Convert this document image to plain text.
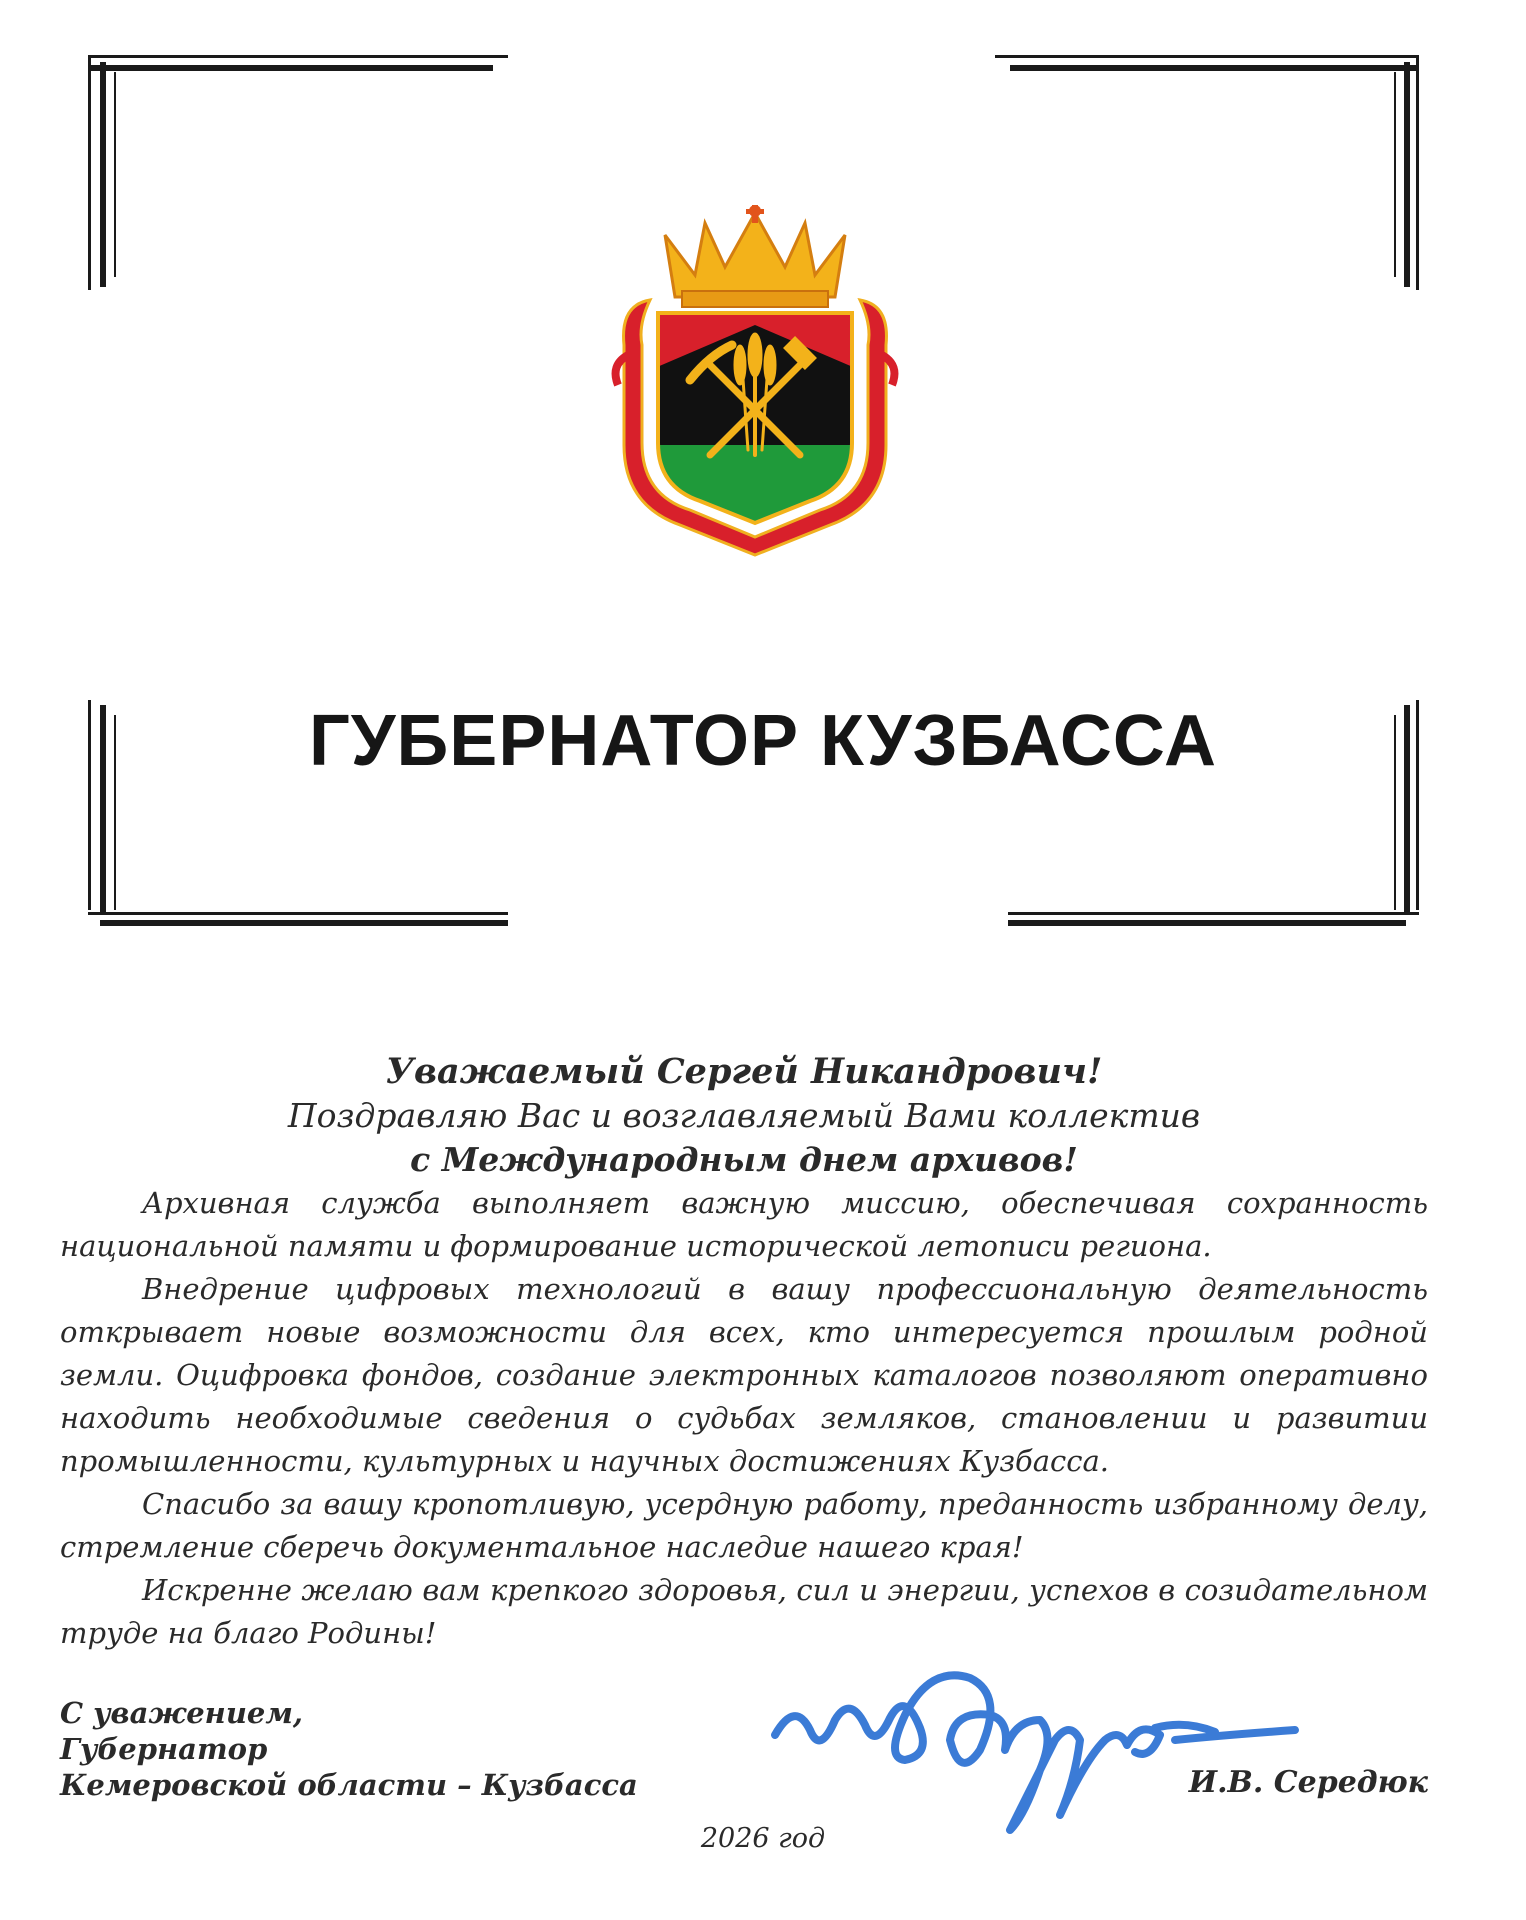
ГУБЕРНАТОР КУЗБАССА
Уважаемый Сергей Никандрович!
Поздравляю Вас и возглавляемый Вами коллектив
с Международным днем архивов!

Архивная служба выполняет важную миссию, обеспечивая сохранность национальной памяти и формирование исторической летописи региона.

Внедрение цифровых технологий в вашу профессиональную деятельность открывает новые возможности для всех, кто интересуется прошлым родной земли. Оцифровка фондов, создание электронных каталогов позволяют оперативно находить необходимые сведения о судьбах земляков, становлении и развитии промышленности, культурных и научных достижениях Кузбасса.

Спасибо за вашу кропотливую, усердную работу, преданность избранному делу, стремление сберечь документальное наследие нашего края!

Искренне желаю вам крепкого здоровья, сил и энергии, успехов в созидательном труде на благо Родины!

С уважением,
Губернатор
Кемеровской области – Кузбасса	И.В. Середюк
2026 год
